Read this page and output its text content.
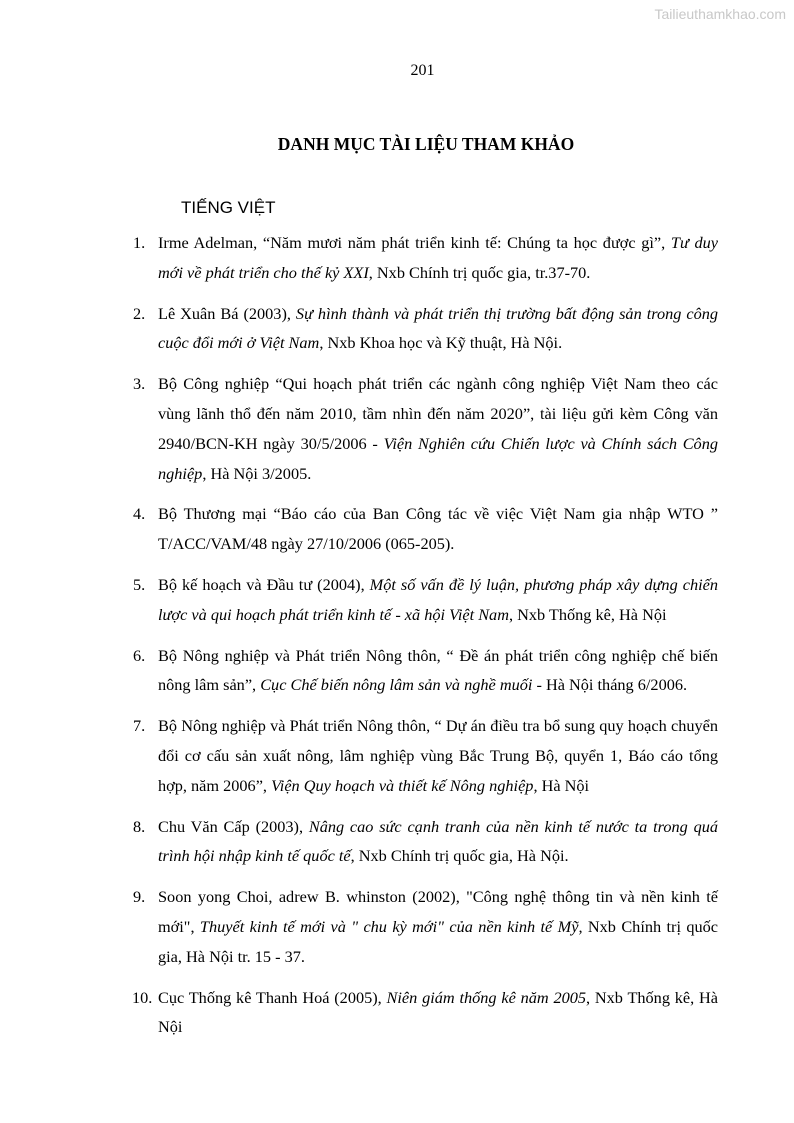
Tailieuthamkhao.com
201
DANH MỤC TÀI LIỆU THAM KHẢO
TIẾNG VIỆT
1. Irme Adelman, “Năm mươi năm phát triển kinh tế: Chúng ta học được gì”, Tư duy mới về phát triển cho thế kỷ XXI, Nxb Chính trị quốc gia, tr.37-70.
2. Lê Xuân Bá (2003), Sự hình thành và phát triển thị trường bất động sản trong công cuộc đổi mới ở Việt Nam, Nxb Khoa học và Kỹ thuật, Hà Nội.
3. Bộ Công nghiệp “Qui hoạch phát triển các ngành công nghiệp Việt Nam theo các vùng lãnh thổ đến năm 2010, tầm nhìn đến năm 2020”, tài liệu gửi kèm Công văn 2940/BCN-KH ngày 30/5/2006 - Viện Nghiên cứu Chiến lược và Chính sách Công nghiệp, Hà Nội 3/2005.
4. Bộ Thương mại “Báo cáo của Ban Công tác về việc Việt Nam gia nhập WTO ” T/ACC/VAM/48 ngày 27/10/2006 (065-205).
5. Bộ kế hoạch và Đầu tư (2004), Một số vấn đề lý luận, phương pháp xây dựng chiến lược và qui hoạch phát triển kinh tế - xã hội Việt Nam, Nxb Thống kê, Hà Nội
6. Bộ Nông nghiệp và Phát triển Nông thôn, “ Đề án phát triển công nghiệp chế biến nông lâm sản”, Cục Chế biến nông lâm sản và nghề muối - Hà Nội tháng 6/2006.
7. Bộ Nông nghiệp và Phát triển Nông thôn, “ Dự án điều tra bổ sung quy hoạch chuyển đổi cơ cấu sản xuất nông, lâm nghiệp vùng Bắc Trung Bộ, quyển 1, Báo cáo tổng hợp, năm 2006”, Viện Quy hoạch và thiết kế Nông nghiệp, Hà Nội
8. Chu Văn Cấp (2003), Nâng cao sức cạnh tranh của nền kinh tế nước ta trong quá trình hội nhập kinh tế quốc tế, Nxb Chính trị quốc gia, Hà Nội.
9. Soon yong Choi, adrew B. whinston (2002), "Công nghệ thông tin và nền kinh tế mới", Thuyết kinh tế mới và " chu kỳ mới" của nền kinh tế Mỹ, Nxb Chính trị quốc gia, Hà Nội tr. 15 - 37.
10. Cục Thống kê Thanh Hoá (2005), Niên giám thống kê năm 2005, Nxb Thống kê, Hà Nội
